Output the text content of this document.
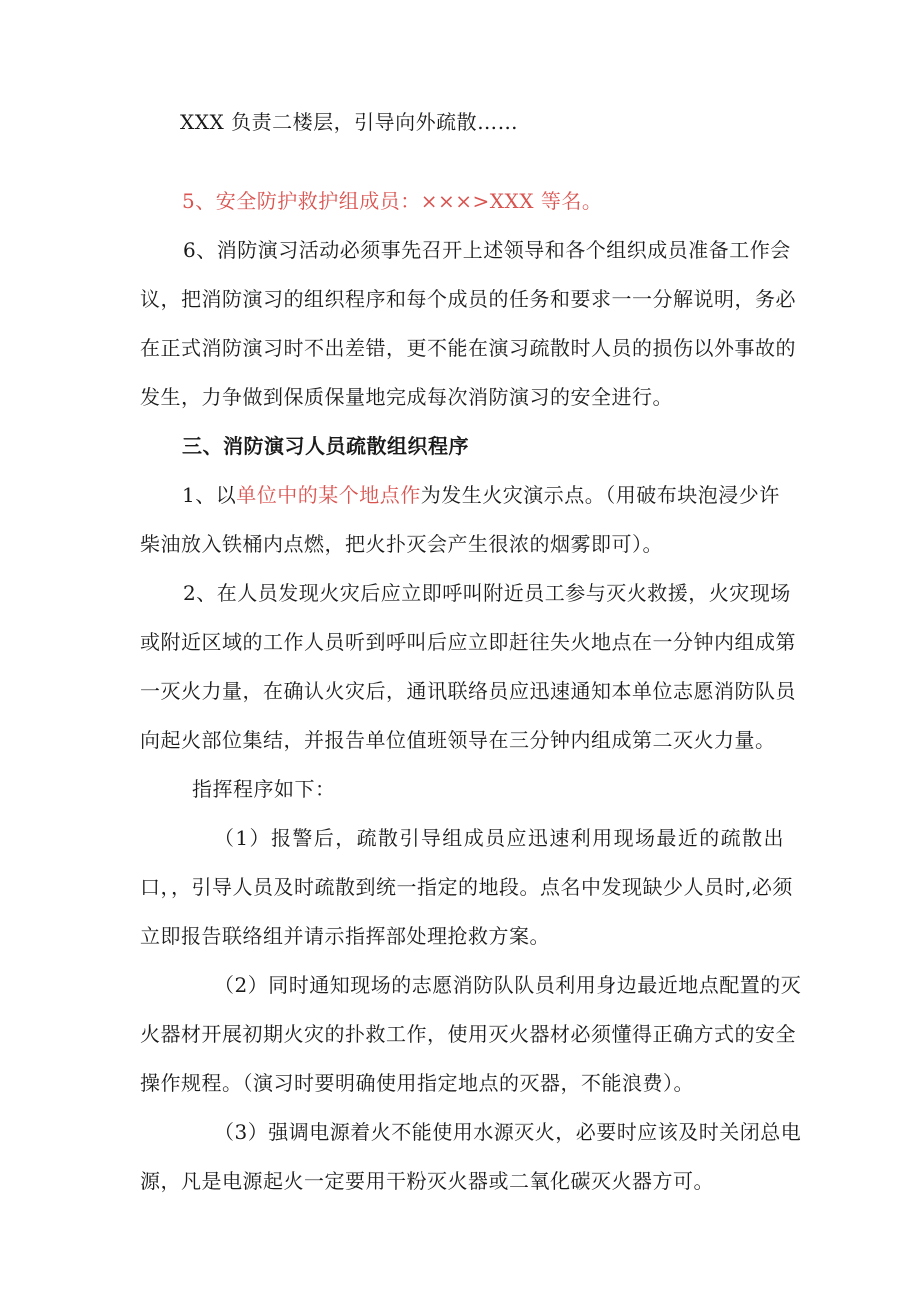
XXX 负责二楼层，引导向外疏散……
5、安全防护救护组成员：×××>XXX 等名。
6、消防演习活动必须事先召开上述领导和各个组织成员准备工作会
议，把消防演习的组织程序和每个成员的任务和要求一一分解说明，务必
在正式消防演习时不出差错，更不能在演习疏散时人员的损伤以外事故的
发生，力争做到保质保量地完成每次消防演习的安全进行。
三、消防演习人员疏散组织程序
1、以单位中的某个地点作为发生火灾演示点。（用破布块泡浸少许
柴油放入铁桶内点燃，把火扑灭会产生很浓的烟雾即可）。
2、在人员发现火灾后应立即呼叫附近员工参与灭火救援，火灾现场
或附近区域的工作人员听到呼叫后应立即赶往失火地点在一分钟内组成第
一灭火力量，在确认火灾后，通讯联络员应迅速通知本单位志愿消防队员
向起火部位集结，并报告单位值班领导在三分钟内组成第二灭火力量。
指挥程序如下：
（1）报警后，疏散引导组成员应迅速利用现场最近的疏散出
口，，引导人员及时疏散到统一指定的地段。点名中发现缺少人员时,必须
立即报告联络组并请示指挥部处理抢救方案。
（2）同时通知现场的志愿消防队队员利用身边最近地点配置的灭
火器材开展初期火灾的扑救工作，使用灭火器材必须懂得正确方式的安全
操作规程。（演习时要明确使用指定地点的灭器，不能浪费）。
（3）强调电源着火不能使用水源灭火，必要时应该及时关闭总电
源，凡是电源起火一定要用干粉灭火器或二氧化碳灭火器方可。
